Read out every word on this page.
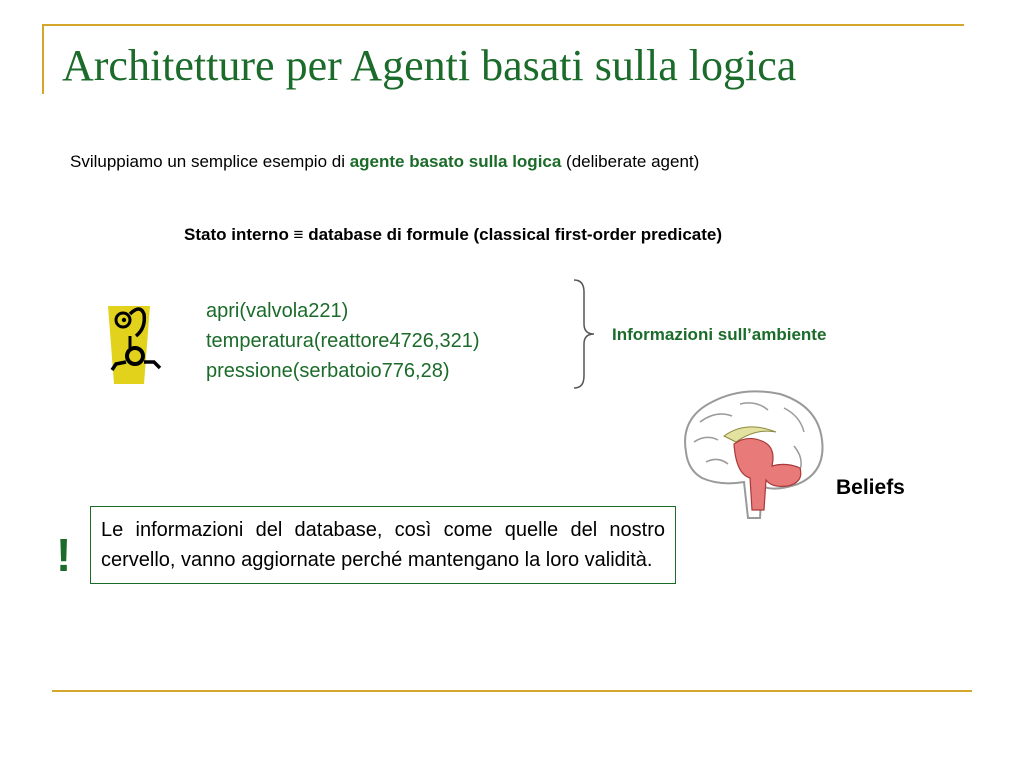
Architetture per Agenti basati sulla logica
Sviluppiamo un semplice esempio di agente basato sulla logica (deliberate agent)
Stato interno ≡ database di formule (classical first-order predicate)
apri(valvola221)
temperatura(reattore4726,321)
pressione(serbatoio776,28)
Informazioni sull’ambiente
Beliefs
!	Le informazioni del database, così come quelle del nostro cervello, vanno aggiornate perché mantengano la loro validità.
